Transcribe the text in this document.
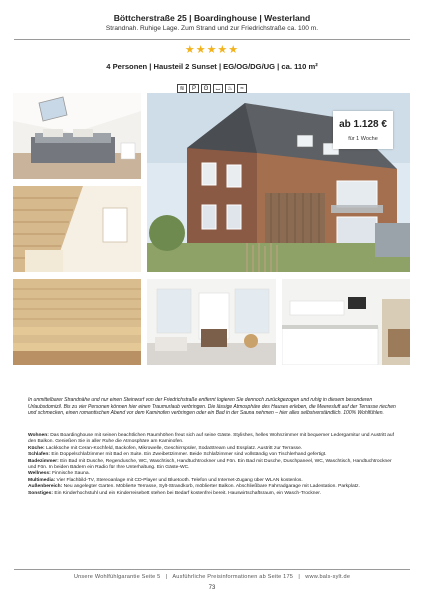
Böttcherstraße 25 | Boardinghouse | Westerland
Strandnah. Ruhige Lage. Zum Strand und zur Friedrichstraße ca. 100 m.
★★★★★
4 Personen | Hausteil 2 Sunset | EG/OG/DG/UG | ca. 110 m²
≋ P ʘ ⌴ ♨ ≈
ab 1.128 €
für 1 Woche
In unmittelbarer Strandnähe und nur einen Steinwurf von der Friedrichstraße entfernt logieren Sie dennoch zurückgezogen und ruhig in diesem besonderen Urlaubsdomizil. Bis zu vier Personen können hier einen Traumurlaub verbringen. Die lässige Atmosphäre des Hauses erleben, die Meeresluft auf der Terrasse riechen und schmecken, einen romantischen Abend vor dem Kaminofen verbringen oder ein Bad in der Sauna nehmen – hier alles selbstverständlich. 100% Wohlfühlen.

Wohnen: Das Boardinghouse mit seinen beachtlichen Raumhöhen freut sich auf seine Gäste. Stylishes, helles Wohnzimmer mit bequemer Ledergarnitur und Austritt auf den Balkon. Genießen Sie in aller Ruhe die Atmosphäre am Kaminofen.

Küche: Lackküche mit Ceran-Kochfeld, Backofen, Mikrowelle, Geschirrspüler, SodaStream und Essplatz. Austritt zur Terrasse.

Schlafen: Ein Doppelschlafzimmer mit Bad en Suite. Ein Zweibettzimmer. Beide Schlafzimmer sind vollständig von Tischlerhand gefertigt.

Badezimmer: Ein Bad mit Dusche, Regendusche, WC, Waschtisch, Handtuchtrockner und Fön. Ein Bad mit Dusche, Duschpaneel, WC, Waschtisch, Handtuchtrockner und Fön. In beiden Bädern ein Radio für Ihre Unterhaltung. Ein Gäste-WC.

Wellness: Finnische Sauna.

Multimedia: Vier Flachbild-TV, Stereoanlage mit CD-Player und Bluetooth. Telefon und Internet-Zugang über WLAN kostenlos.

Außenbereich: Neu angelegter Garten. Möblierte Terrasse, Sylt-Strandkorb, möblierter Balkon. Abschließbare Fahrradgarage mit Ladestation. Parkplatz.

Sonstiges: Ein Kinderhochstuhl und ein Kinderreisebett stehen bei Bedarf kostenfrei bereit. Hauswirtschaftsraum, ein Wasch-Trockner.

Unsere Wohlfühlgarantie Seite 5   |   Ausführliche Preisinformationen ab Seite 175   |   www.bals-sylt.de
73
